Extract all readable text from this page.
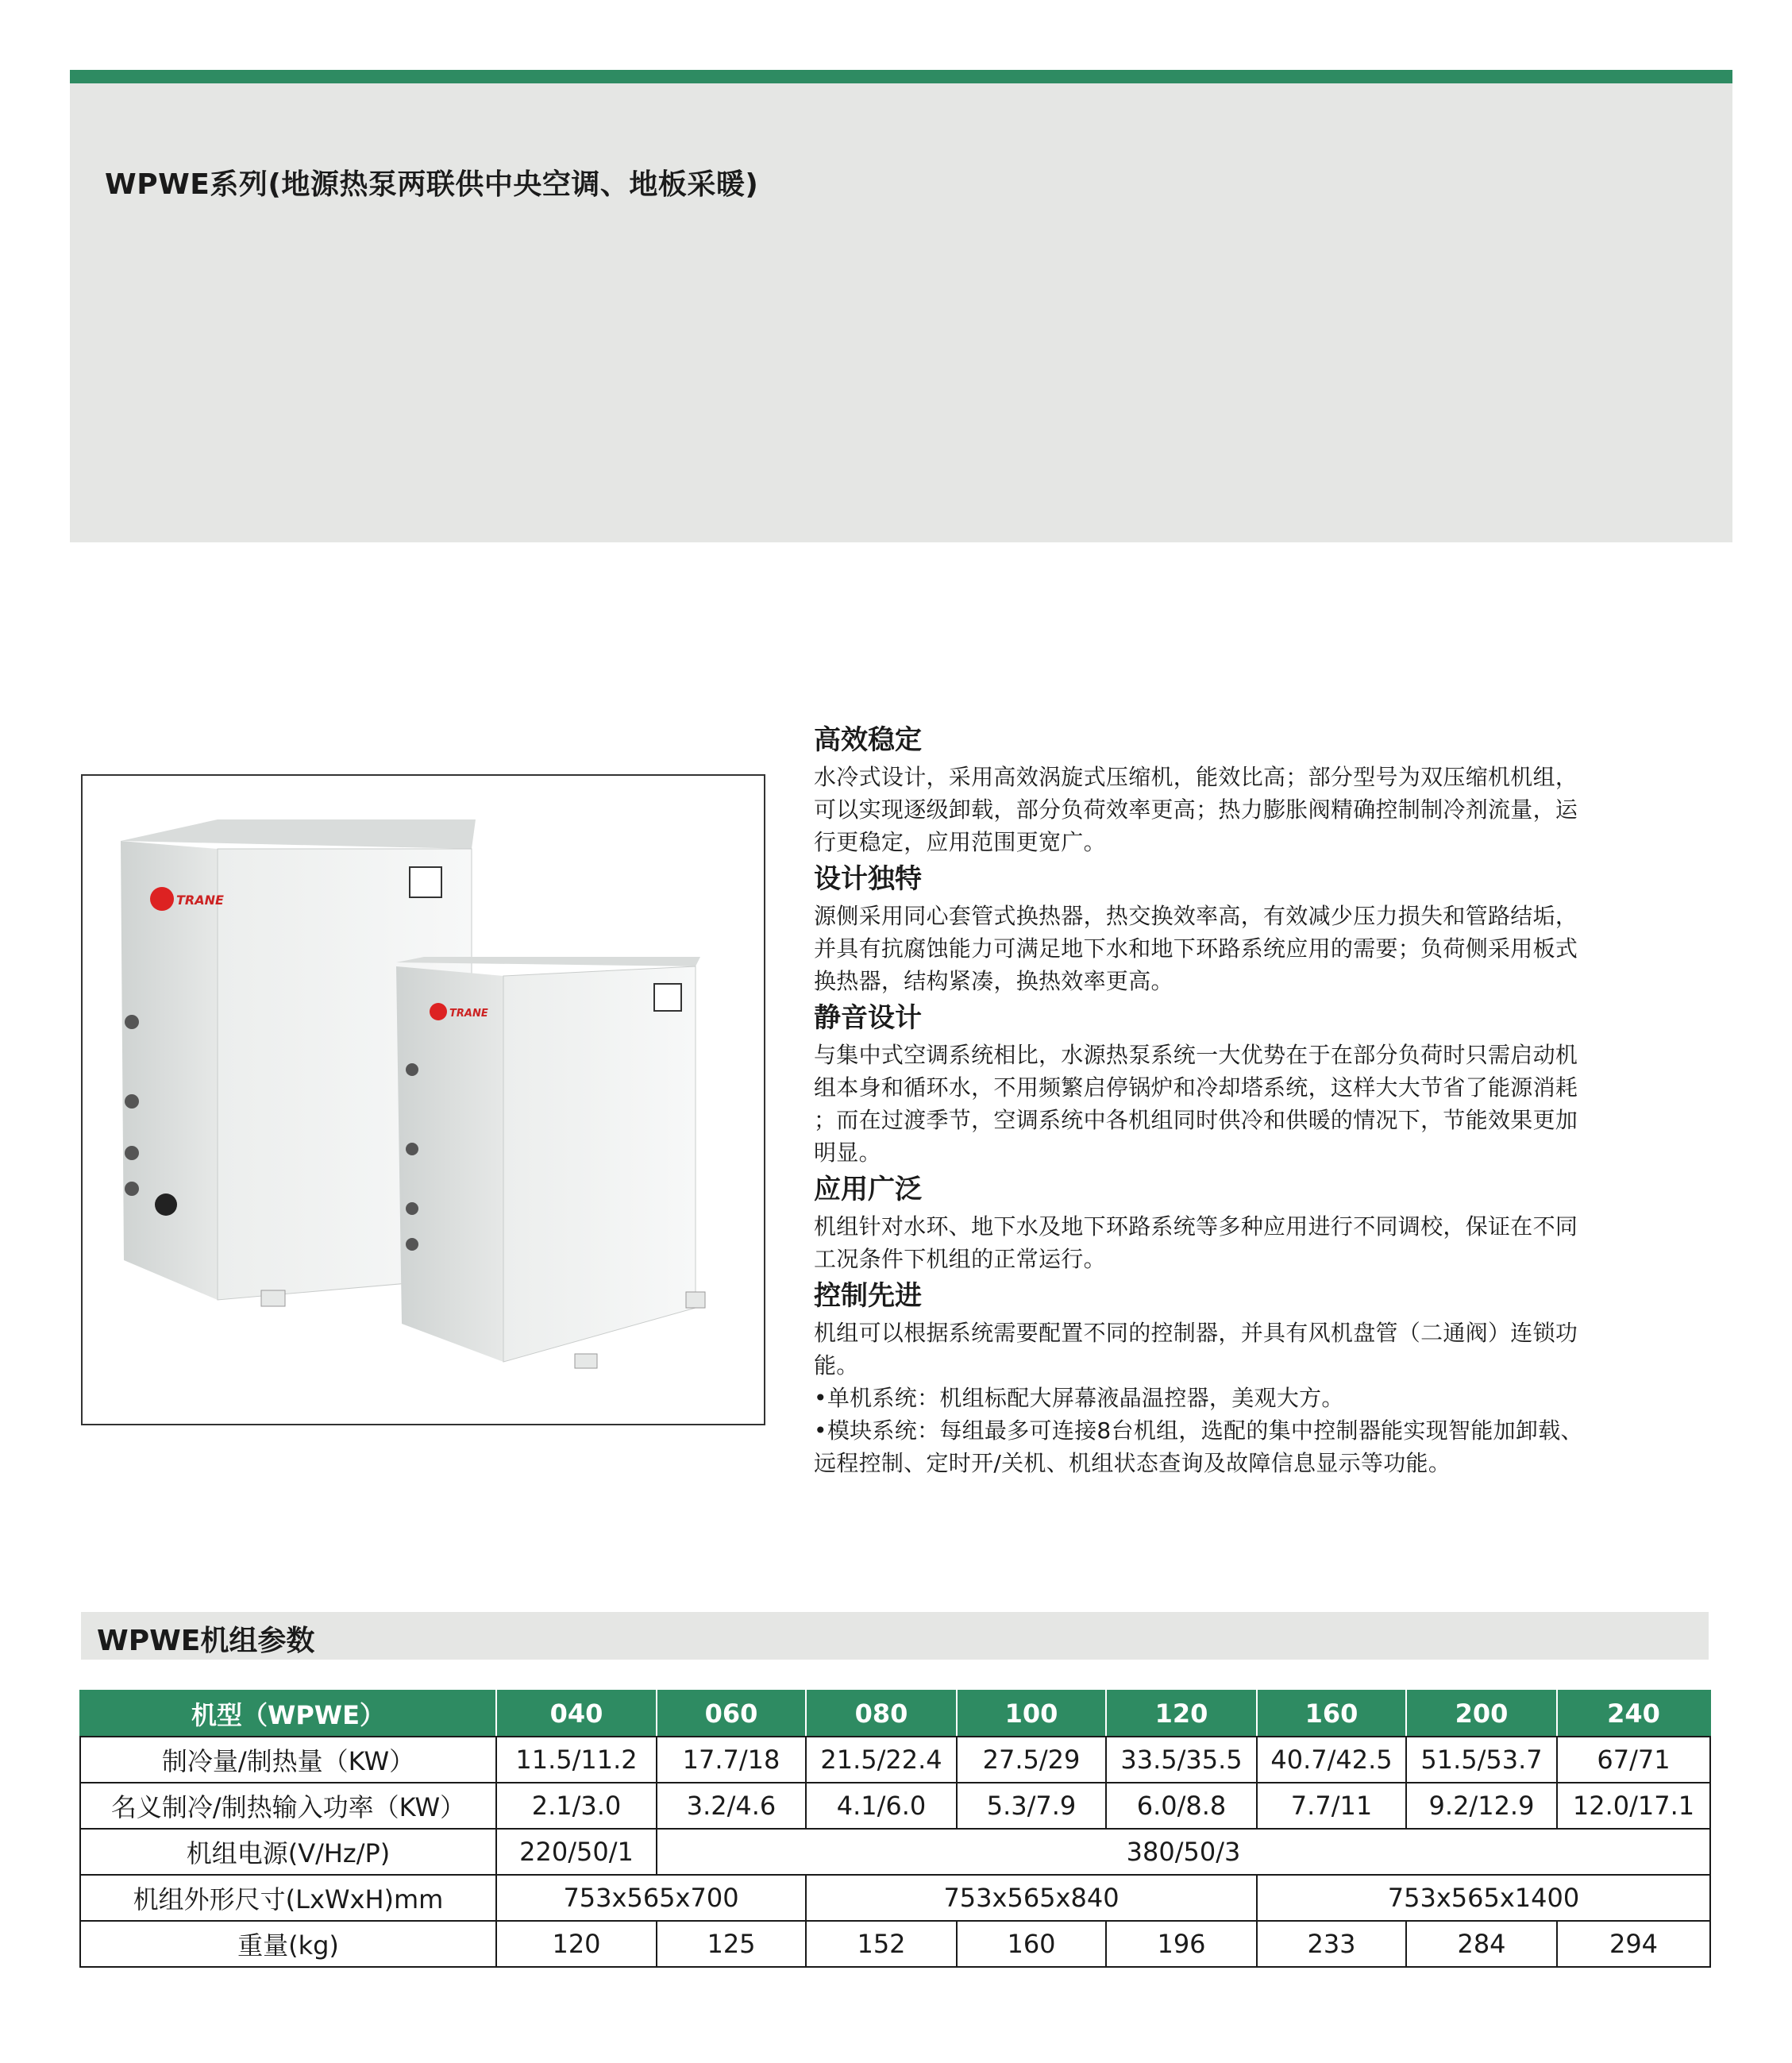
WPWE系列(地源热泵两联供中央空调、地板采暖)
TRANE
TRANE
高效稳定
水冷式设计，采用高效涡旋式压缩机，能效比高；部分型号为双压缩机机组，
可以实现逐级卸载，部分负荷效率更高；热力膨胀阀精确控制制冷剂流量，运
行更稳定，应用范围更宽广。
设计独特
源侧采用同心套管式换热器，热交换效率高，有效减少压力损失和管路结垢，
并具有抗腐蚀能力可满足地下水和地下环路系统应用的需要；负荷侧采用板式
换热器，结构紧凑，换热效率更高。
静音设计
与集中式空调系统相比，水源热泵系统一大优势在于在部分负荷时只需启动机
组本身和循环水，不用频繁启停锅炉和冷却塔系统，这样大大节省了能源消耗
；而在过渡季节，空调系统中各机组同时供冷和供暖的情况下，节能效果更加
明显。
应用广泛
机组针对水环、地下水及地下环路系统等多种应用进行不同调校，保证在不同
工况条件下机组的正常运行。
控制先进
机组可以根据系统需要配置不同的控制器，并具有风机盘管（二通阀）连锁功
能。
•单机系统：机组标配大屏幕液晶温控器，美观大方。
•模块系统：每组最多可连接8台机组，选配的集中控制器能实现智能加卸载、
远程控制、定时开/关机、机组状态查询及故障信息显示等功能。
WPWE机组参数
机型（WPWE）	040	060	080	100	120	160	200	240
制冷量/制热量（KW）	11.5/11.2	17.7/18	21.5/22.4	27.5/29	33.5/35.5	40.7/42.5	51.5/53.7	67/71
名义制冷/制热输入功率（KW）	2.1/3.0	3.2/4.6	4.1/6.0	5.3/7.9	6.0/8.8	7.7/11	9.2/12.9	12.0/17.1
机组电源(V/Hz/P)	220/50/1	380/50/3						
机组外形尺寸(LxWxH)mm	753x565x700		753x565x840			753x565x1400		
重量(kg)	120	125	152	160	196	233	284	294
